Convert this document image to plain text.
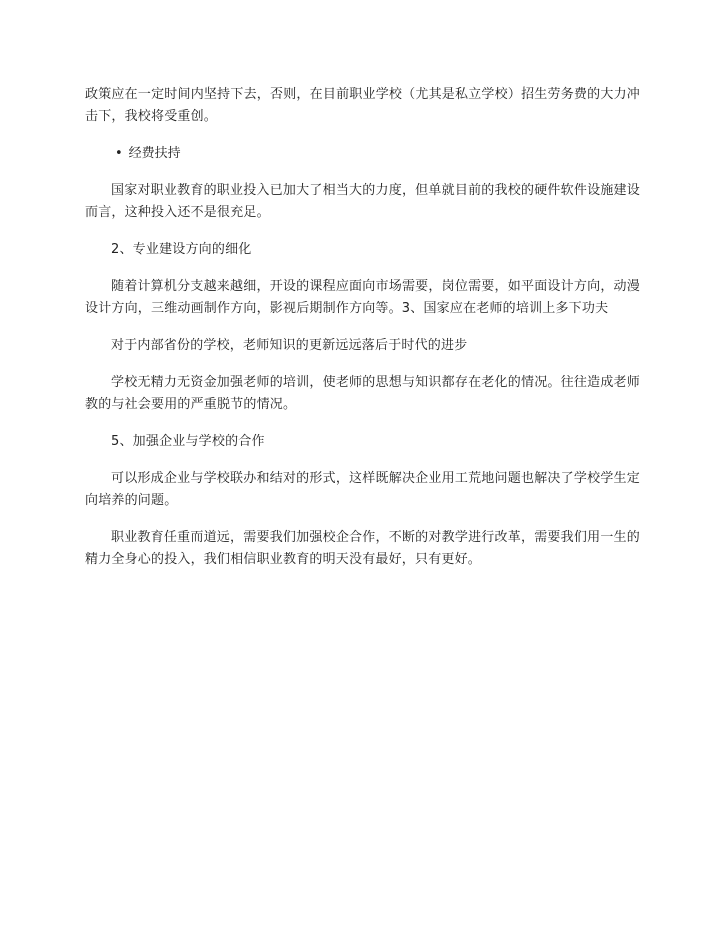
政策应在一定时间内坚持下去，否则，在目前职业学校（尤其是私立学校）招生劳务费的大力冲击下，我校将受重创。

• 经费扶持

国家对职业教育的职业投入已加大了相当大的力度，但单就目前的我校的硬件软件设施建设而言，这种投入还不是很充足。

2、专业建设方向的细化

随着计算机分支越来越细，开设的课程应面向市场需要，岗位需要，如平面设计方向，动漫设计方向，三维动画制作方向，影视后期制作方向等。3、国家应在老师的培训上多下功夫

对于内部省份的学校，老师知识的更新远远落后于时代的进步

学校无精力无资金加强老师的培训，使老师的思想与知识都存在老化的情况。往往造成老师教的与社会要用的严重脱节的情况。

5、加强企业与学校的合作

可以形成企业与学校联办和结对的形式，这样既解决企业用工荒地问题也解决了学校学生定向培养的问题。

职业教育任重而道远，需要我们加强校企合作，不断的对教学进行改革，需要我们用一生的精力全身心的投入，我们相信职业教育的明天没有最好，只有更好。
